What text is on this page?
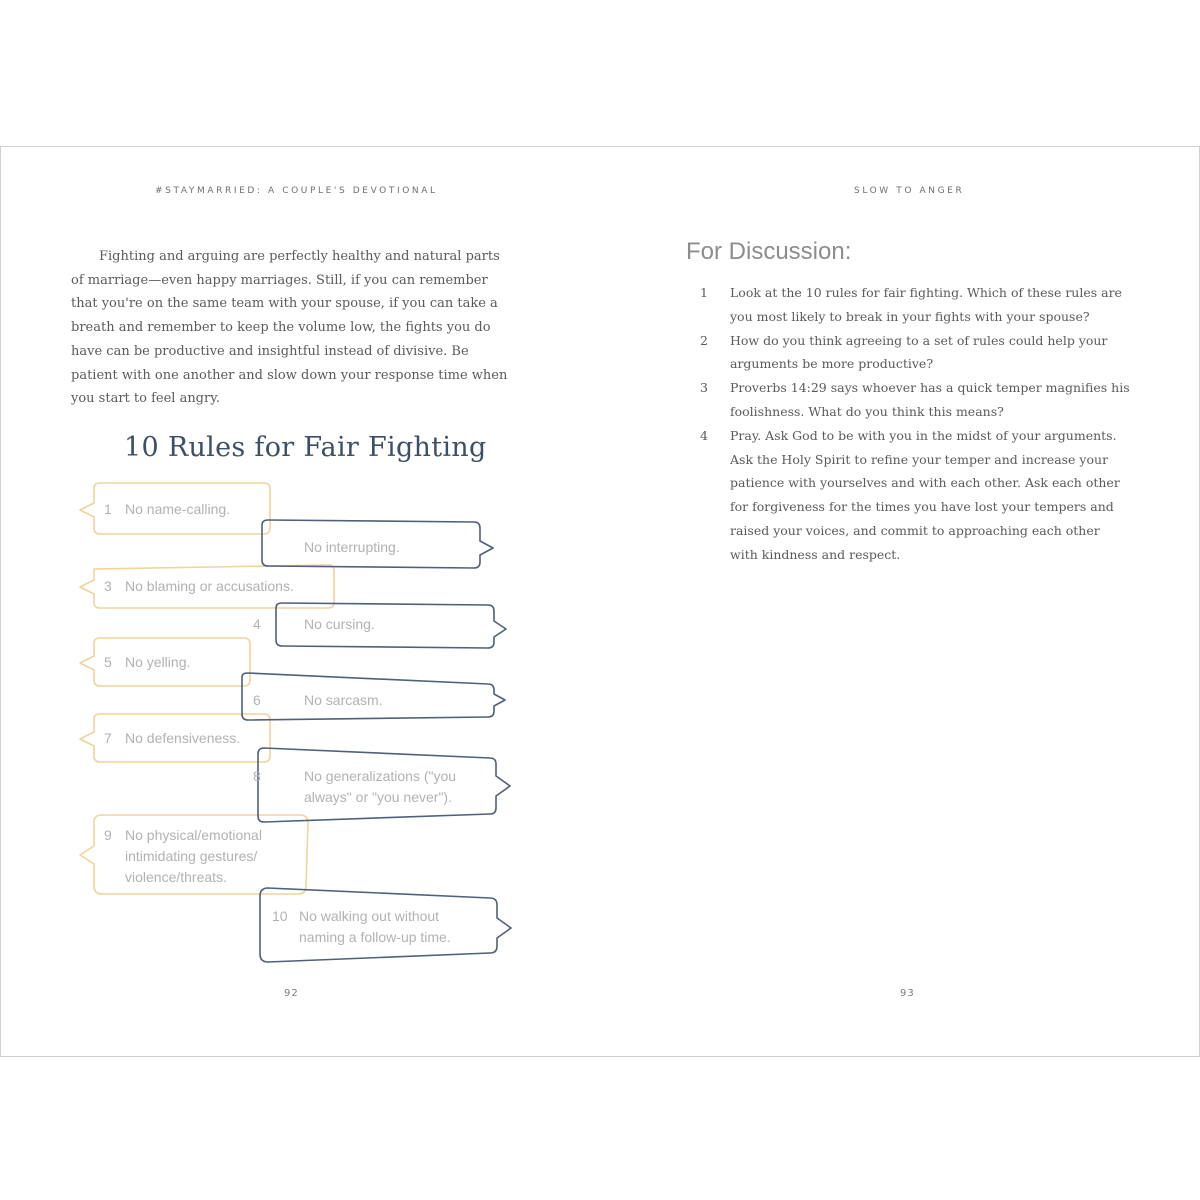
#STAYMARRIED: A COUPLE'S DEVOTIONAL

Fighting and arguing are perfectly healthy and natural parts of marriage—even happy marriages. Still, if you can remember that you're on the same team with your spouse, if you can take a breath and remember to keep the volume low, the fights you do have can be productive and insightful instead of divisive. Be patient with one another and slow down your response time when you start to feel angry.

10 Rules for Fair Fighting
1 No name-calling.
No interrupting.
3 No blaming or accusations.
4	No cursing.
5 No yelling.
6	No sarcasm.
7 No defensiveness.
8	No generalizations ("you
always" or "you never").
9 No physical/emotional
intimidating gestures/
violence/threats.
10 No walking out without
naming a follow-up time.
92
SLOW TO ANGER
For Discussion:
1 Look at the 10 rules for fair fighting. Which of these rules are you most likely to break in your fights with your spouse?
2 How do you think agreeing to a set of rules could help your arguments be more productive?
3 Proverbs 14:29 says whoever has a quick temper magnifies his foolishness. What do you think this means?
4 Pray. Ask God to be with you in the midst of your arguments. Ask the Holy Spirit to refine your temper and increase your patience with yourselves and with each other. Ask each other for forgiveness for the times you have lost your tempers and raised your voices, and commit to approaching each other with kindness and respect.
93
